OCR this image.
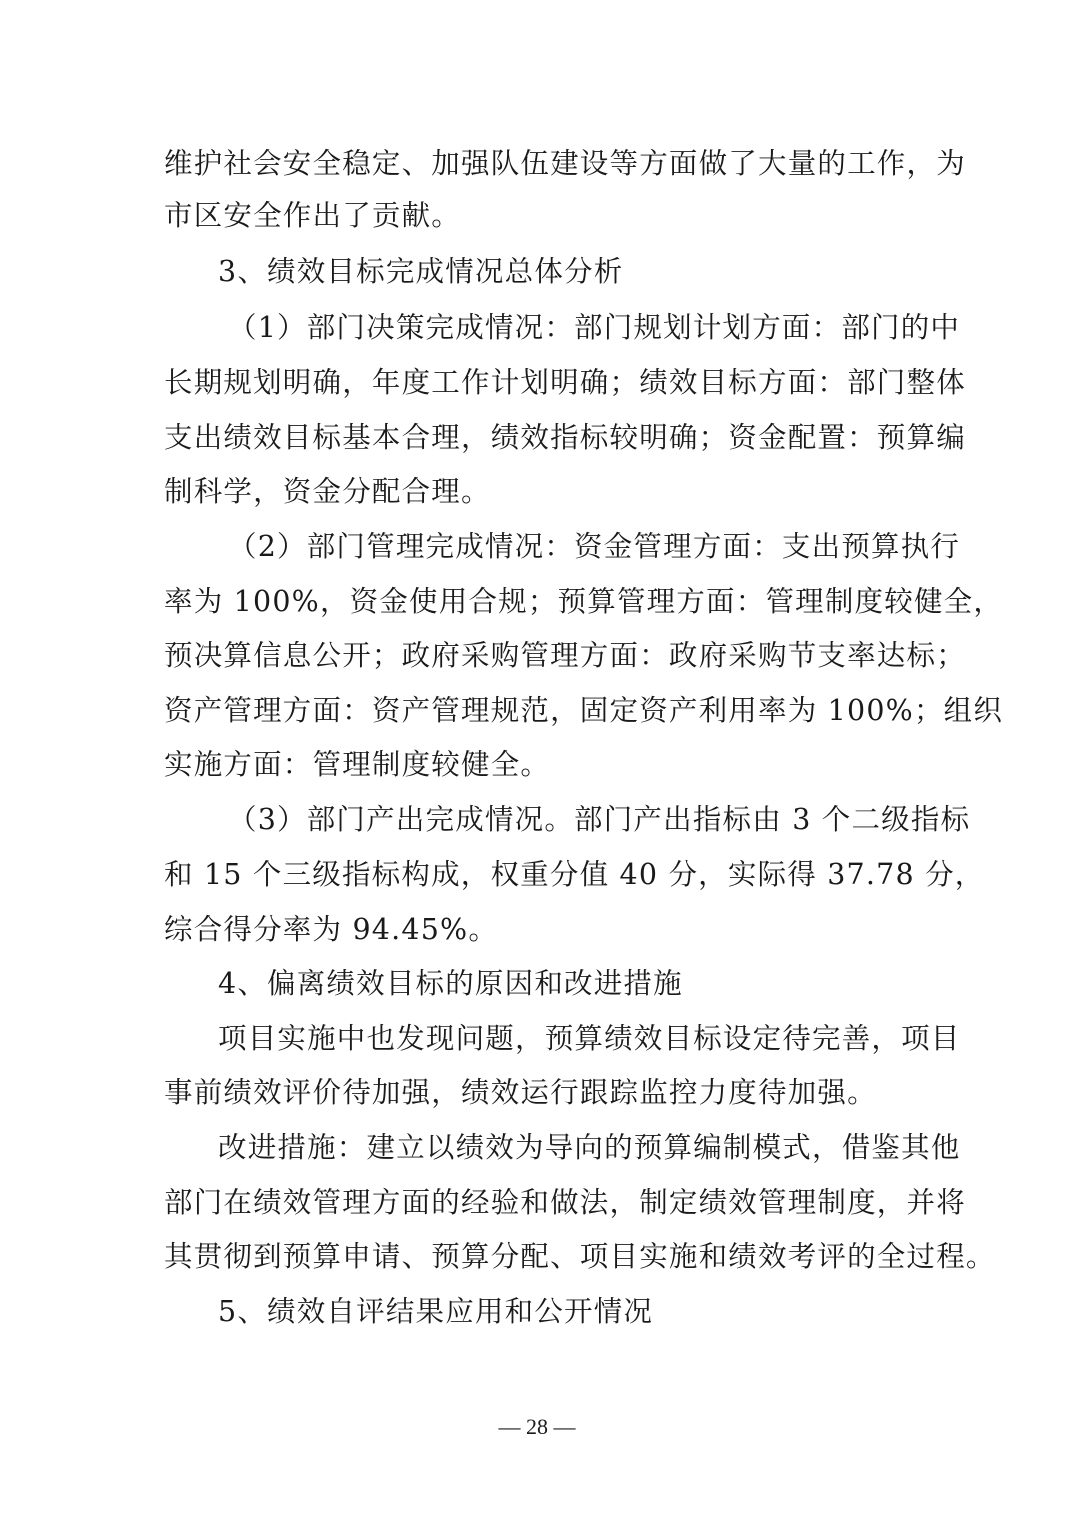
维护社会安全稳定、加强队伍建设等方面做了大量的工作，为
市区安全作出了贡献。
3、绩效目标完成情况总体分析
（1）部门决策完成情况：部门规划计划方面：部门的中
长期规划明确，年度工作计划明确；绩效目标方面：部门整体
支出绩效目标基本合理，绩效指标较明确；资金配置：预算编
制科学，资金分配合理。
（2）部门管理完成情况：资金管理方面：支出预算执行
率为 100%，资金使用合规；预算管理方面：管理制度较健全，
预决算信息公开；政府采购管理方面：政府采购节支率达标；
资产管理方面：资产管理规范，固定资产利用率为 100%；组织
实施方面：管理制度较健全。
（3）部门产出完成情况。部门产出指标由 3 个二级指标
和 15 个三级指标构成，权重分值 40 分，实际得 37.78 分，
综合得分率为 94.45%。
4、偏离绩效目标的原因和改进措施
项目实施中也发现问题，预算绩效目标设定待完善，项目
事前绩效评价待加强，绩效运行跟踪监控力度待加强。
改进措施：建立以绩效为导向的预算编制模式，借鉴其他
部门在绩效管理方面的经验和做法，制定绩效管理制度，并将
其贯彻到预算申请、预算分配、项目实施和绩效考评的全过程。
5、绩效自评结果应用和公开情况
— 28 —
